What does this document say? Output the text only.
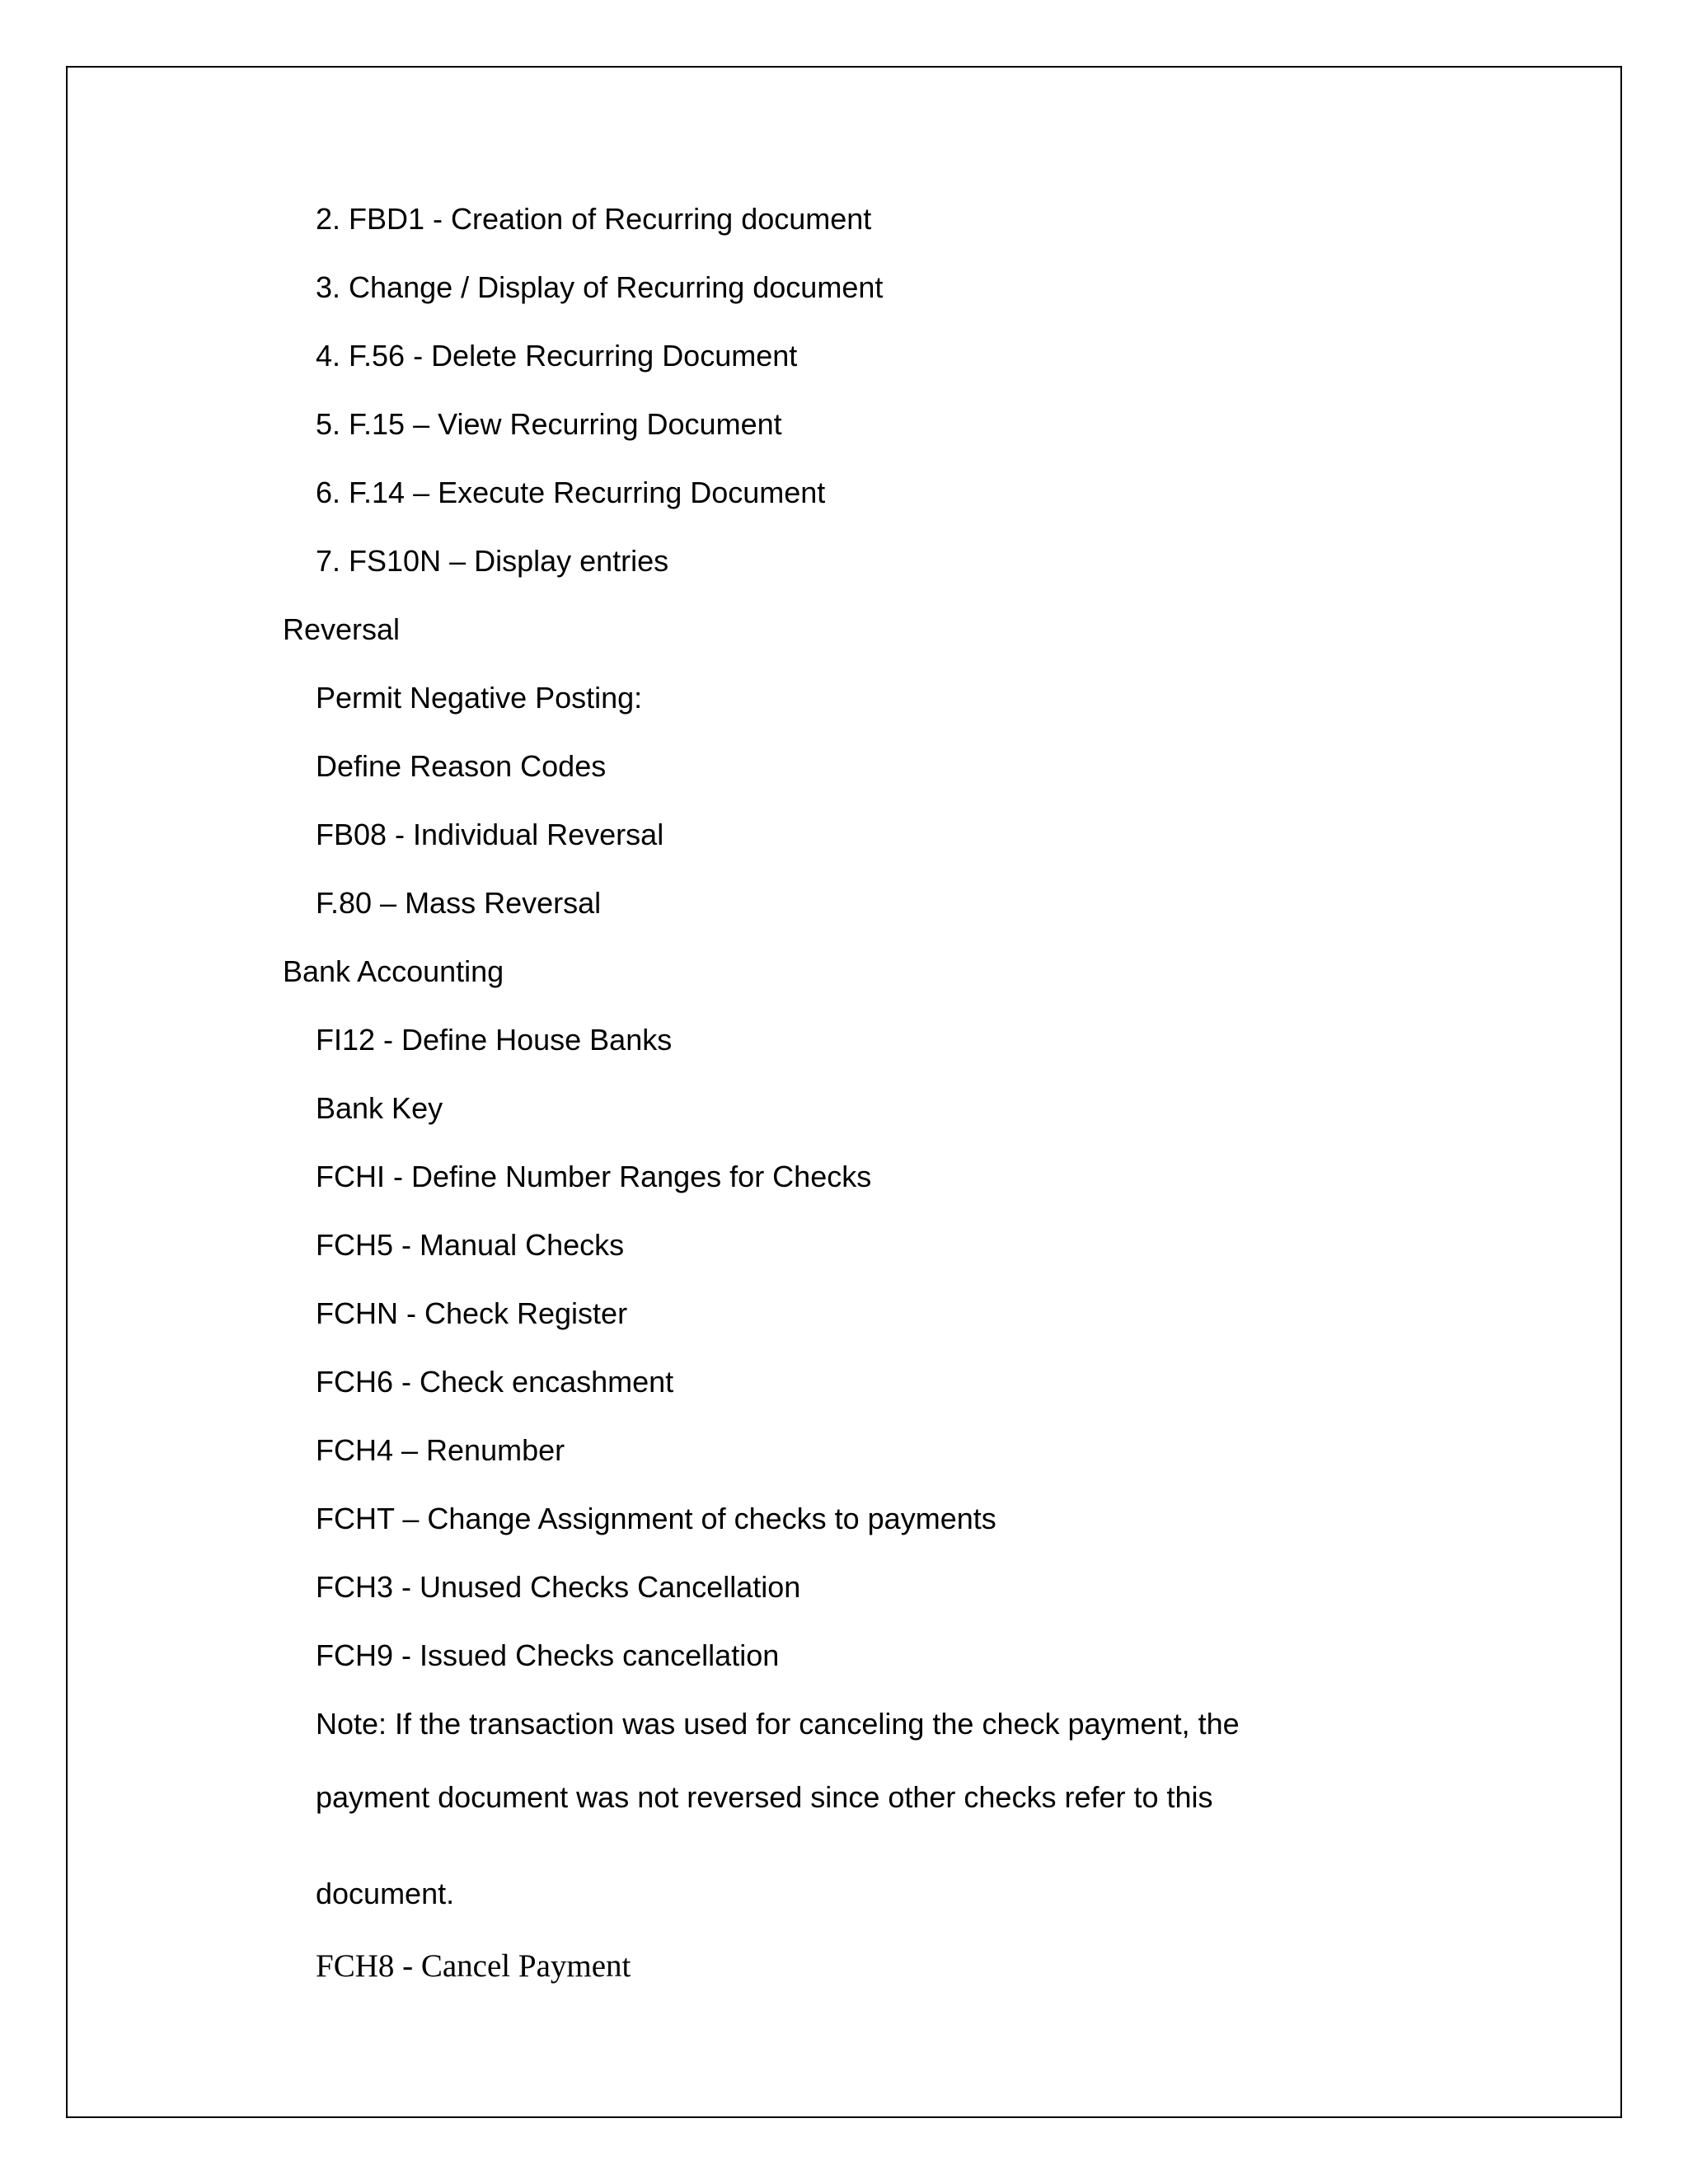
2. FBD1 - Creation of Recurring document
3. Change / Display of Recurring document
4. F.56 - Delete Recurring Document
5. F.15 – View Recurring Document
6. F.14 – Execute Recurring Document
7. FS10N – Display entries
Reversal
Permit Negative Posting:
Define Reason Codes
FB08 - Individual Reversal
F.80 – Mass Reversal
Bank Accounting
FI12 - Define House Banks
Bank Key
FCHI - Define Number Ranges for Checks
FCH5 - Manual Checks
FCHN - Check Register
FCH6 - Check encashment
FCH4 – Renumber
FCHT – Change Assignment of checks to payments
FCH3 - Unused Checks Cancellation
FCH9 - Issued Checks cancellation
Note: If the transaction was used for canceling the check payment, the
payment document was not reversed since other checks refer to this
document.
FCH8 - Cancel Payment
